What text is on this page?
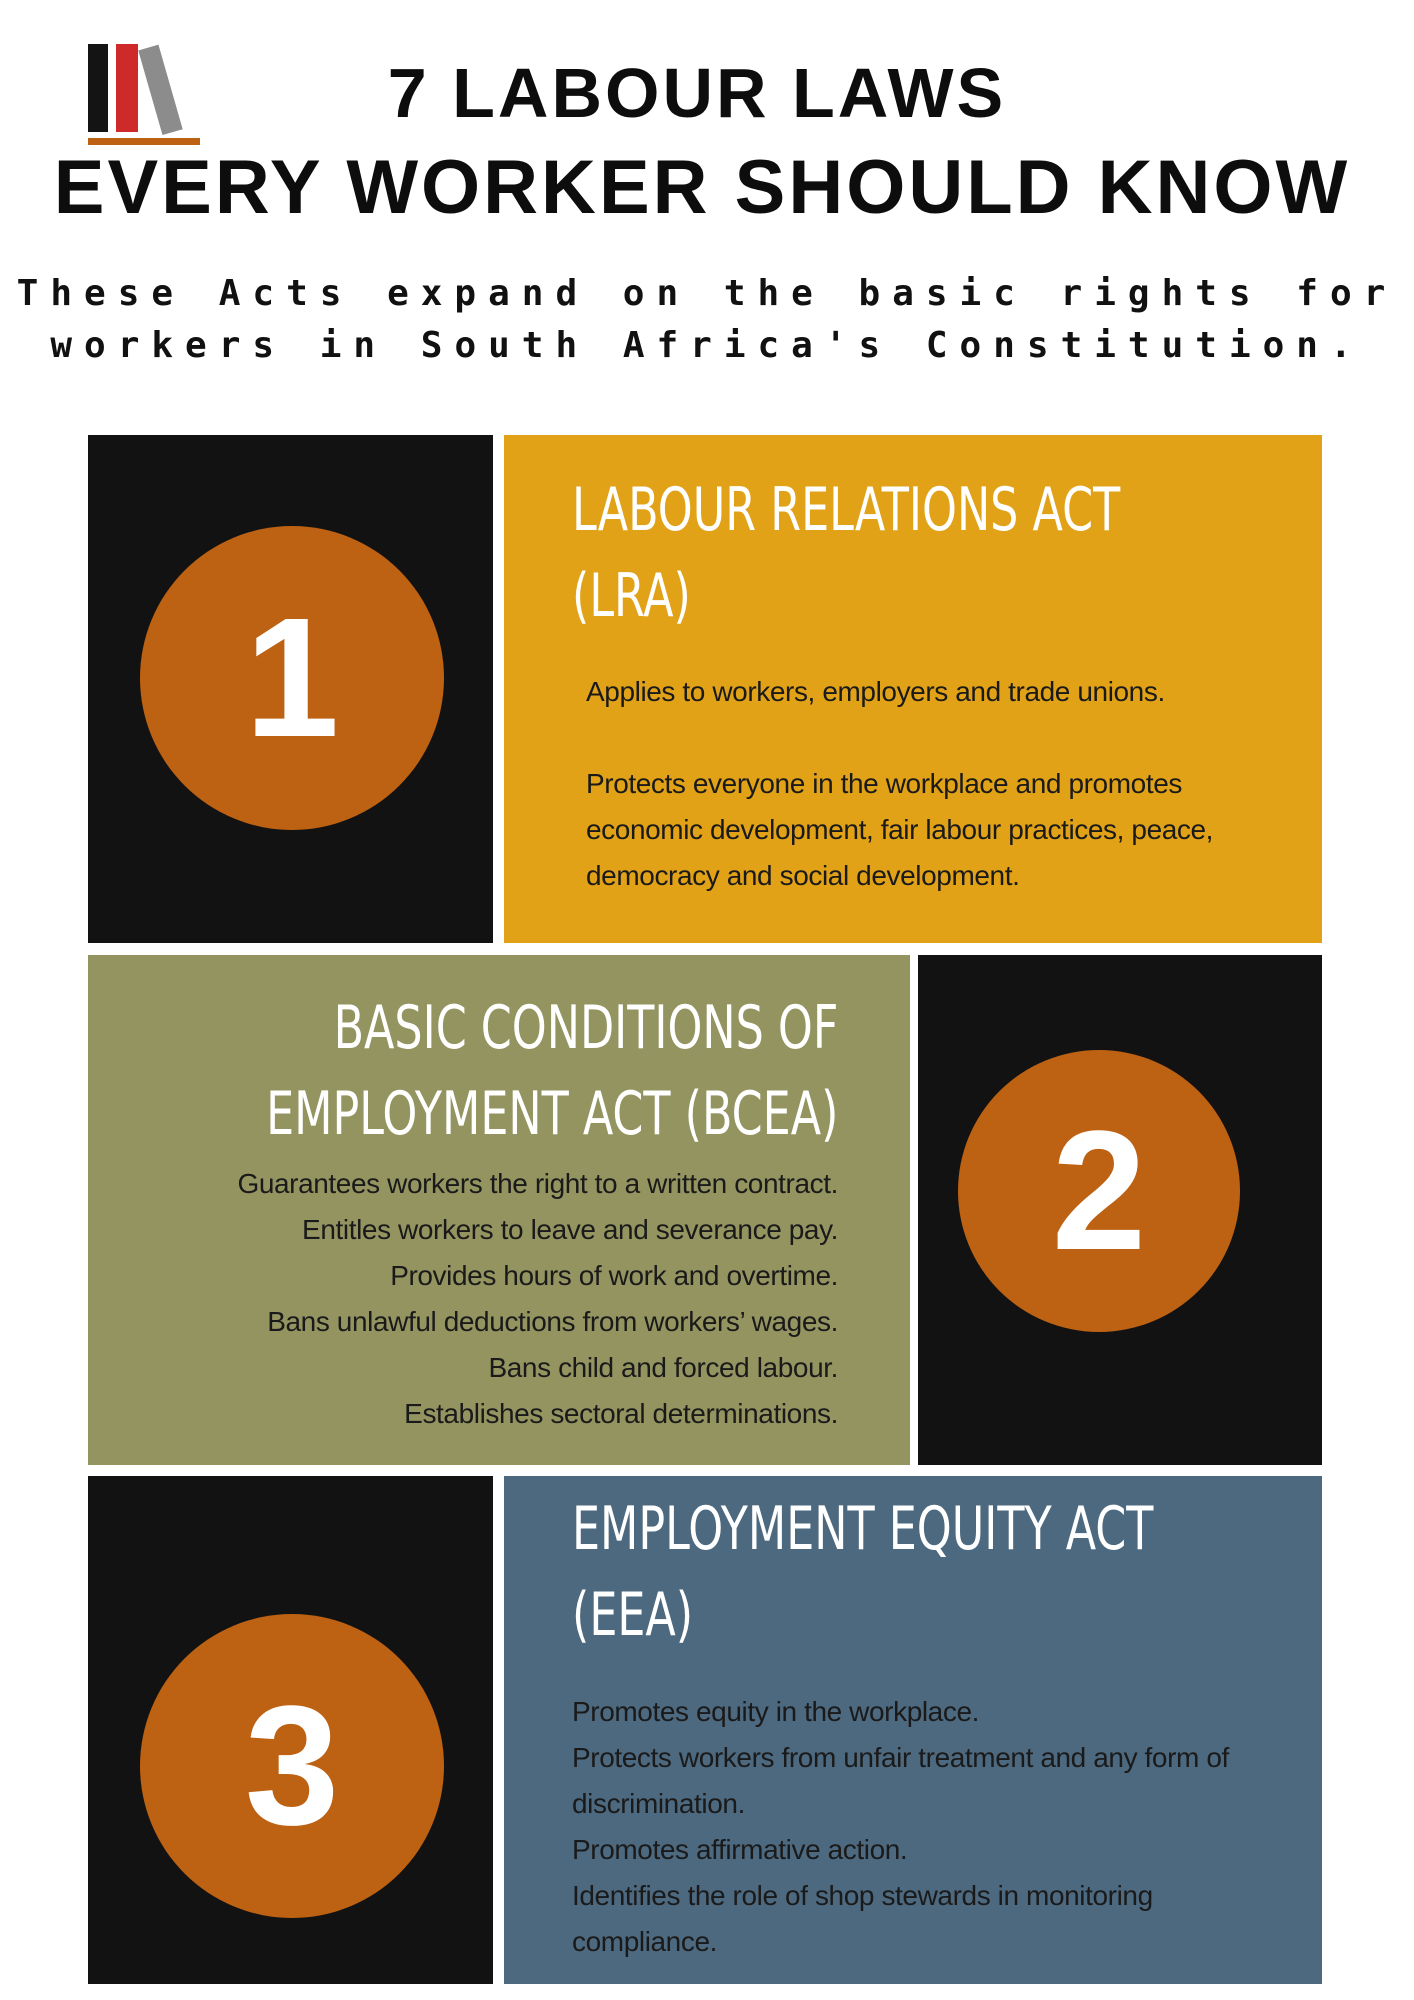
7 LABOUR LAWS
EVERY WORKER SHOULD KNOW
These Acts expand on the basic rights for
workers in South Africa's Constitution.
1
LABOUR RELATIONS ACT
(LRA)

Applies to workers, employers and trade unions.

Protects everyone in the workplace and promotes

economic development, fair labour practices, peace,

democracy and social development.

BASIC CONDITIONS OF
EMPLOYMENT ACT (BCEA)

Guarantees workers the right to a written contract.

Entitles workers to leave and severance pay.

Provides hours of work and overtime.

Bans unlawful deductions from workers’ wages.

Bans child and forced labour.

Establishes sectoral determinations.

2
3
EMPLOYMENT EQUITY ACT
(EEA)

Promotes equity in the workplace.

Protects workers from unfair treatment and any form of

discrimination.

Promotes affirmative action.

Identifies the role of shop stewards in monitoring

compliance.
